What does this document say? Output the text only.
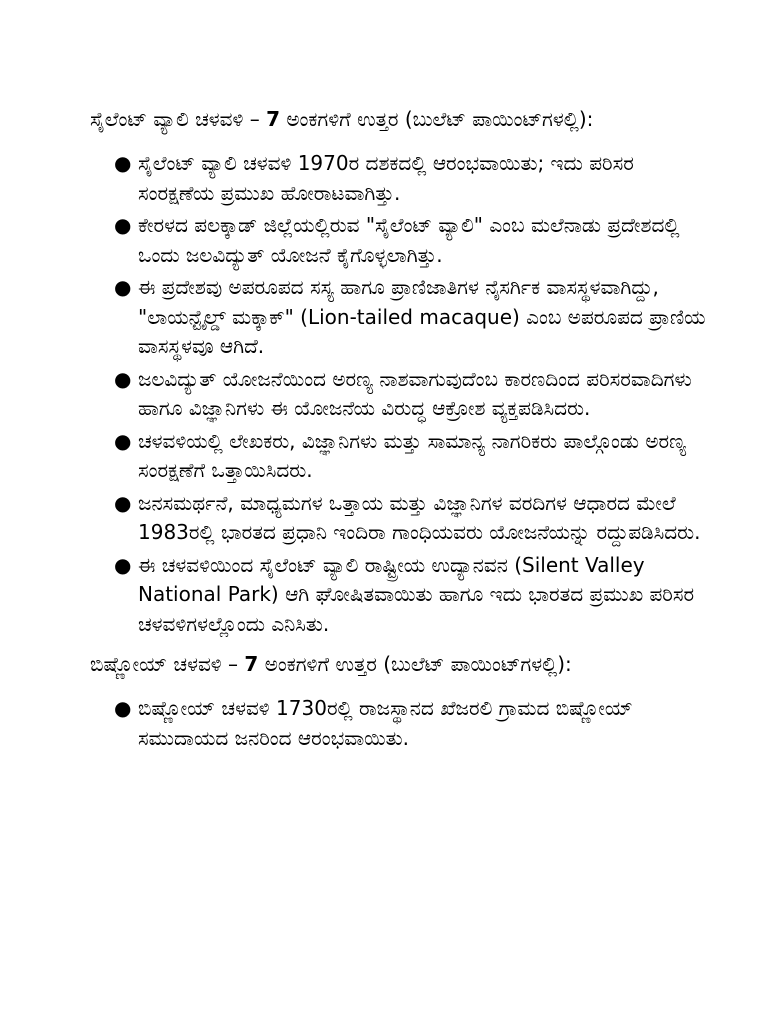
ಸೈಲೆಂಟ್ ವ್ಯಾಲಿ ಚಳವಳಿ – 7 ಅಂಕಗಳಿಗೆ ಉತ್ತರ (ಬುಲೆಟ್ ಪಾಯಿಂಟ್‌ಗಳಲ್ಲಿ):
● ಸೈಲೆಂಟ್ ವ್ಯಾಲಿ ಚಳವಳಿ 1970ರ ದಶಕದಲ್ಲಿ ಆರಂಭವಾಯಿತು; ಇದು ಪರಿಸರ ಸಂರಕ್ಷಣೆಯ ಪ್ರಮುಖ ಹೋರಾಟವಾಗಿತ್ತು.
● ಕೇರಳದ ಪಲಕ್ಕಾಡ್ ಜಿಲ್ಲೆಯಲ್ಲಿರುವ "ಸೈಲೆಂಟ್ ವ್ಯಾಲಿ" ಎಂಬ ಮಲೆನಾಡು ಪ್ರದೇಶದಲ್ಲಿ ಒಂದು ಜಲವಿದ್ಯುತ್ ಯೋಜನೆ ಕೈಗೊಳ್ಳಲಾಗಿತ್ತು.
● ಈ ಪ್ರದೇಶವು ಅಪರೂಪದ ಸಸ್ಯ ಹಾಗೂ ಪ್ರಾಣಿಜಾತಿಗಳ ನೈಸರ್ಗಿಕ ವಾಸಸ್ಥಳವಾಗಿದ್ದು, "ಲಾಯನ್ಟೈಲ್ಡ್ ಮಕ್ಕಾಕ್" (Lion-tailed macaque) ಎಂಬ ಅಪರೂಪದ ಪ್ರಾಣಿಯ ವಾಸಸ್ಥಳವೂ ಆಗಿದೆ.
● ಜಲವಿದ್ಯುತ್ ಯೋಜನೆಯಿಂದ ಅರಣ್ಯ ನಾಶವಾಗುವುದೆಂಬ ಕಾರಣದಿಂದ ಪರಿಸರವಾದಿಗಳು ಹಾಗೂ ವಿಜ್ಞಾನಿಗಳು ಈ ಯೋಜನೆಯ ವಿರುದ್ಧ ಆಕ್ರೋಶ ವ್ಯಕ್ತಪಡಿಸಿದರು.
● ಚಳವಳಿಯಲ್ಲಿ ಲೇಖಕರು, ವಿಜ್ಞಾನಿಗಳು ಮತ್ತು ಸಾಮಾನ್ಯ ನಾಗರಿಕರು ಪಾಲ್ಗೊಂಡು ಅರಣ್ಯ ಸಂರಕ್ಷಣೆಗೆ ಒತ್ತಾಯಿಸಿದರು.
● ಜನಸಮರ್ಥನೆ, ಮಾಧ್ಯಮಗಳ ಒತ್ತಾಯ ಮತ್ತು ವಿಜ್ಞಾನಿಗಳ ವರದಿಗಳ ಆಧಾರದ ಮೇಲೆ 1983ರಲ್ಲಿ ಭಾರತದ ಪ್ರಧಾನಿ ಇಂದಿರಾ ಗಾಂಧಿಯವರು ಯೋಜನೆಯನ್ನು ರದ್ದುಪಡಿಸಿದರು.
● ಈ ಚಳವಳಿಯಿಂದ ಸೈಲೆಂಟ್ ವ್ಯಾಲಿ ರಾಷ್ಟ್ರೀಯ ಉದ್ಯಾನವನ (Silent Valley National Park) ಆಗಿ ಘೋಷಿತವಾಯಿತು ಹಾಗೂ ಇದು ಭಾರತದ ಪ್ರಮುಖ ಪರಿಸರ ಚಳವಳಿಗಳಲ್ಲೊಂದು ಎನಿಸಿತು.
ಬಿಷ್ಣೋಯ್ ಚಳವಳಿ – 7 ಅಂಕಗಳಿಗೆ ಉತ್ತರ (ಬುಲೆಟ್ ಪಾಯಿಂಟ್‌ಗಳಲ್ಲಿ):
● ಬಿಷ್ಣೋಯ್ ಚಳವಳಿ 1730ರಲ್ಲಿ ರಾಜಸ್ಥಾನದ ಖೆಜರಲಿ ಗ್ರಾಮದ ಬಿಷ್ಣೋಯ್ ಸಮುದಾಯದ ಜನರಿಂದ ಆರಂಭವಾಯಿತು.
